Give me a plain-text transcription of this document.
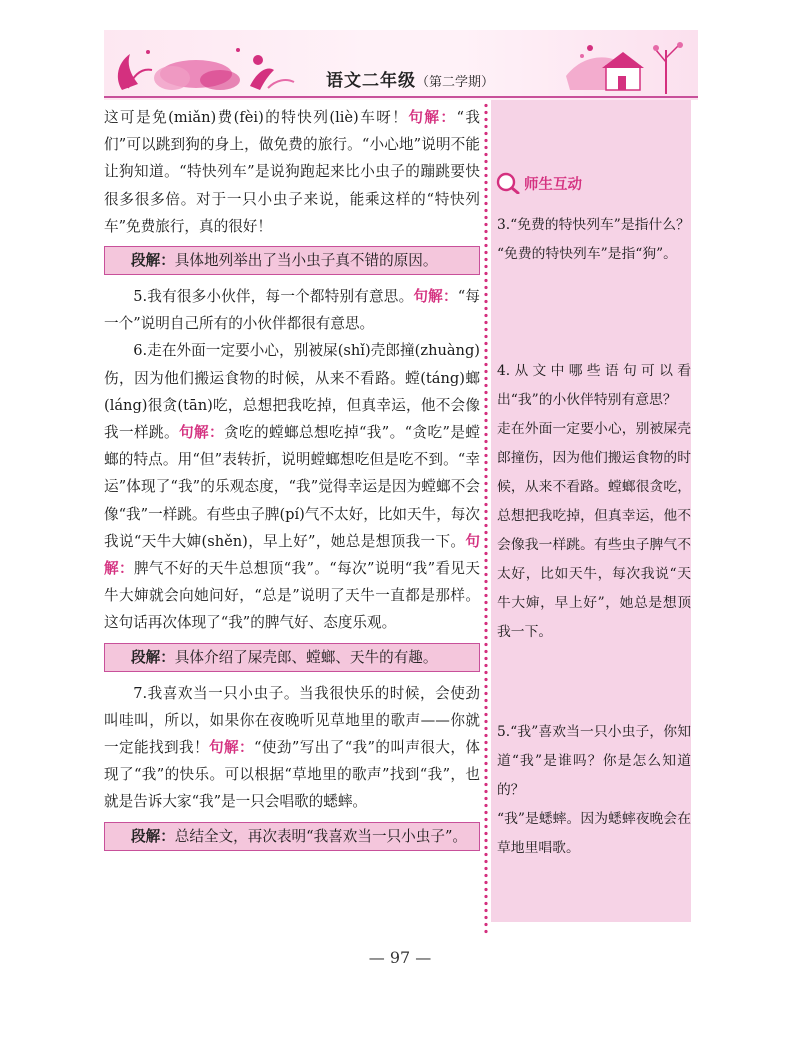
语文二年级（第二学期）

这可是免(miǎn)费(fèi)的特快列(liè)车呀！句解：“我们”可以跳到狗的身上，做免费的旅行。“小心地”说明不能让狗知道。“特快列车”是说狗跑起来比小虫子的蹦跳要快很多很多倍。对于一只小虫子来说，能乘这样的“特快列车”免费旅行，真的很好！

段解：具体地列举出了当小虫子真不错的原因。

5.我有很多小伙伴，每一个都特别有意思。句解：“每一个”说明自己所有的小伙伴都很有意思。

6.走在外面一定要小心，别被屎(shǐ)壳郎撞(zhuàng)伤，因为他们搬运食物的时候，从来不看路。螳(táng)螂(láng)很贪(tān)吃，总想把我吃掉，但真幸运，他不会像我一样跳。句解：贪吃的螳螂总想吃掉“我”。“贪吃”是螳螂的特点。用“但”表转折，说明螳螂想吃但是吃不到。“幸运”体现了“我”的乐观态度，“我”觉得幸运是因为螳螂不会像“我”一样跳。有些虫子脾(pí)气不太好，比如天牛，每次我说“天牛大婶(shěn)，早上好”，她总是想顶我一下。句解：脾气不好的天牛总想顶“我”。“每次”说明“我”看见天牛大婶就会向她问好，“总是”说明了天牛一直都是那样。这句话再次体现了“我”的脾气好、态度乐观。

段解：具体介绍了屎壳郎、螳螂、天牛的有趣。

7.我喜欢当一只小虫子。当我很快乐的时候，会使劲叫哇叫，所以，如果你在夜晚听见草地里的歌声——你就一定能找到我！句解：“使劲”写出了“我”的叫声很大，体现了“我”的快乐。可以根据“草地里的歌声”找到“我”，也就是告诉大家“我”是一只会唱歌的蟋蟀。

段解：总结全文，再次表明“我喜欢当一只小虫子”。
师生互动

3.“免费的特快列车”是指什么？

“免费的特快列车”是指“狗”。

4.从文中哪些语句可以看出“我”的小伙伴特别有意思？

走在外面一定要小心，别被屎壳郎撞伤，因为他们搬运食物的时候，从来不看路。螳螂很贪吃，总想把我吃掉，但真幸运，他不会像我一样跳。有些虫子脾气不太好，比如天牛，每次我说“天牛大婶，早上好”，她总是想顶我一下。

5.“我”喜欢当一只小虫子，你知道“我”是谁吗？你是怎么知道的？

“我”是蟋蟀。因为蟋蟀夜晚会在草地里唱歌。

— 97 —
